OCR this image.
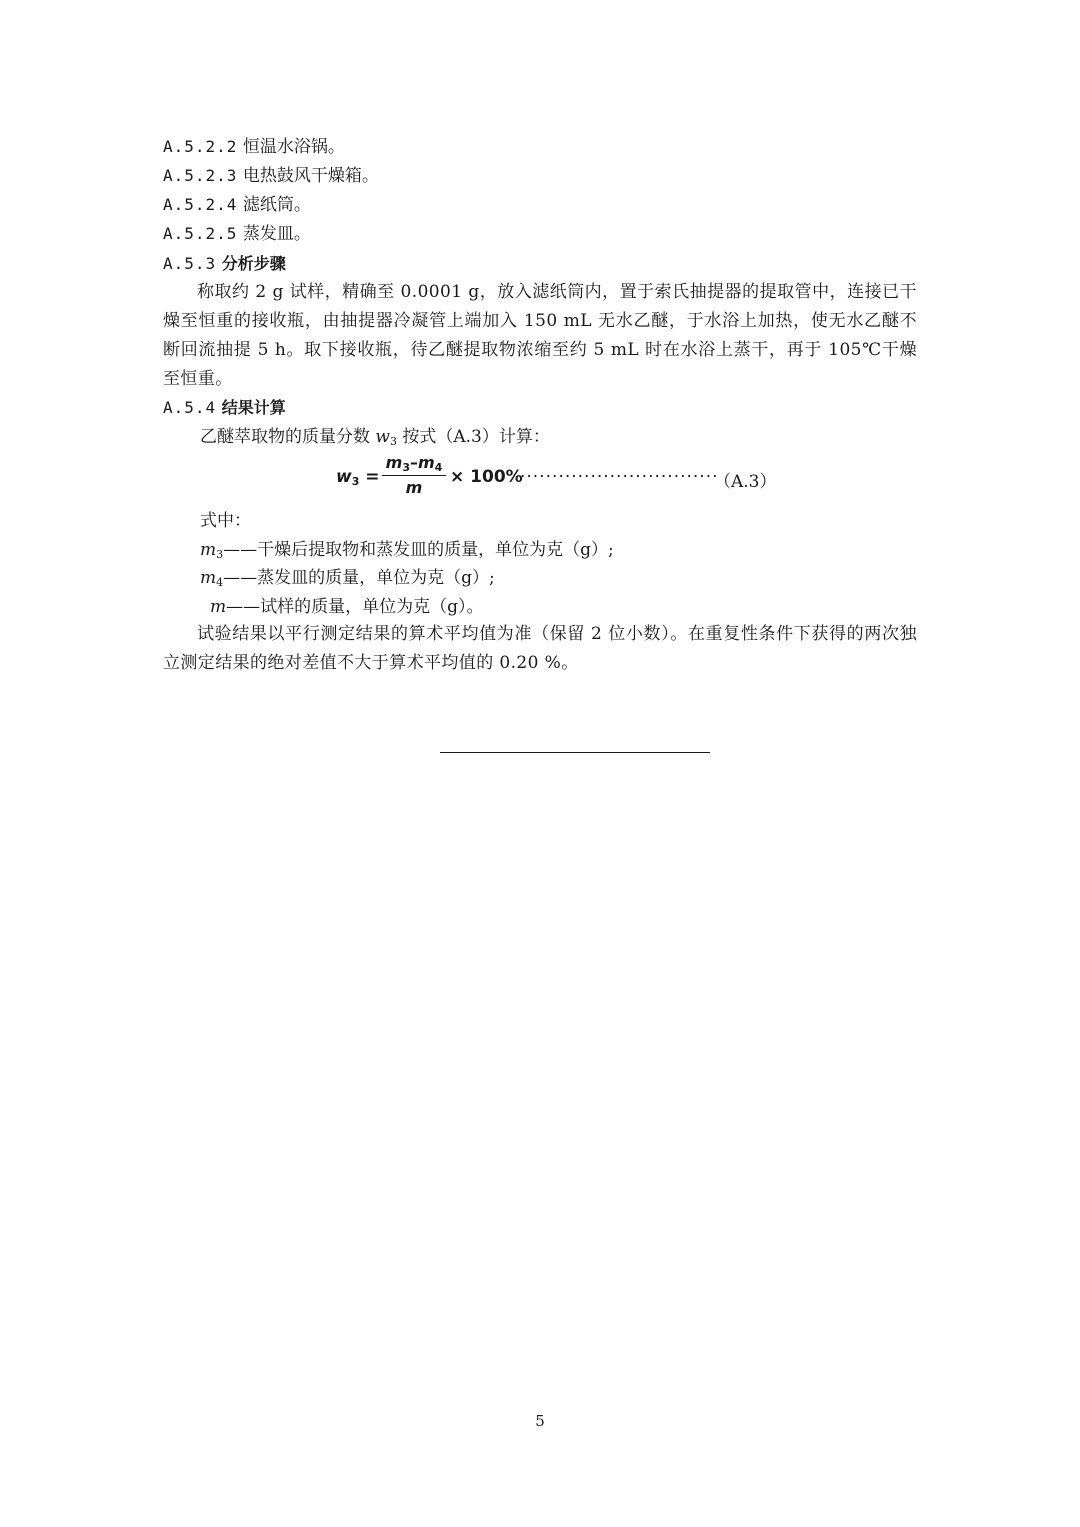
A.5.2.2 恒温水浴锅。
A.5.2.3 电热鼓风干燥箱。
A.5.2.4 滤纸筒。
A.5.2.5 蒸发皿。
A.5.3 分析步骤
称取约 2 g 试样，精确至 0.0001 g，放入滤纸筒内，置于索氏抽提器的提取管中，连接已干燥至恒重的接收瓶，由抽提器冷凝管上端加入 150 mL 无水乙醚，于水浴上加热，使无水乙醚不断回流抽提 5 h。取下接收瓶，待乙醚提取物浓缩至约 5 mL 时在水浴上蒸干，再于 105℃干燥至恒重。
A.5.4 结果计算
乙醚萃取物的质量分数 $w_3$ 按式（A.3）计算：
$w_3$ =
$m_3-m_4$
m
× 100%
·······························
（A.3）
式中：
$m_3——$干燥后提取物和蒸发皿的质量，单位为克（g）;
$m_4——$蒸发皿的质量，单位为克（g）;
m——试样的质量，单位为克（g）。
试验结果以平行测定结果的算术平均值为准（保留 2 位小数）。在重复性条件下获得的两次独立测定结果的绝对差值不大于算术平均值的 0.20 %。
5
